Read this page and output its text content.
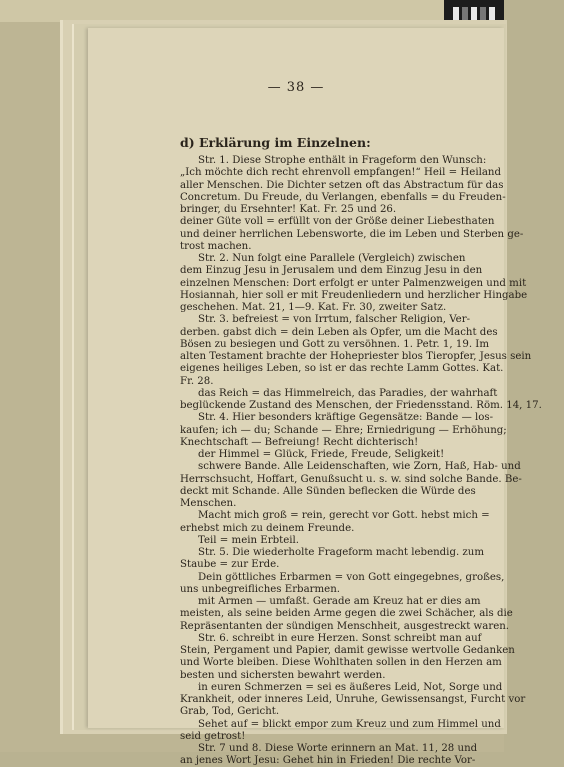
— 38 —
d) Erklärung im Einzelnen:
Str. 1. Diese Strophe enthält in Frageform den Wunsch:
„Ich möchte dich recht ehrenvoll empfangen!“ Heil = Heiland
aller Menschen. Die Dichter setzen oft das Abstractum für das
Concretum. Du Freude, du Verlangen, ebenfalls = du Freuden-
bringer, du Ersehnter! Kat. Fr. 25 und 26.
deiner Güte voll = erfüllt von der Größe deiner Liebesthaten
und deiner herrlichen Lebensworte, die im Leben und Sterben ge-
trost machen.
Str. 2. Nun folgt eine Parallele (Vergleich) zwischen
dem Einzug Jesu in Jerusalem und dem Einzug Jesu in den
einzelnen Menschen: Dort erfolgt er unter Palmenzweigen und mit
Hosiannah, hier soll er mit Freudenliedern und herzlicher Hingabe
geschehen. Mat. 21, 1—9. Kat. Fr. 30, zweiter Satz.
Str. 3. befreiest = von Irrtum, falscher Religion, Ver-
derben. gabst dich = dein Leben als Opfer, um die Macht des
Bösen zu besiegen und Gott zu versöhnen. 1. Petr. 1, 19. Im
alten Testament brachte der Hohepriester blos Tieropfer, Jesus sein
eigenes heiliges Leben, so ist er das rechte Lamm Gottes. Kat.
Fr. 28.
das Reich = das Himmelreich, das Paradies, der wahrhaft
beglückende Zustand des Menschen, der Friedensstand. Röm. 14, 17.
Str. 4. Hier besonders kräftige Gegensätze: Bande — los-
kaufen; ich — du; Schande — Ehre; Erniedrigung — Erhöhung;
Knechtschaft — Befreiung! Recht dichterisch!
der Himmel = Glück, Friede, Freude, Seligkeit!
schwere Bande. Alle Leidenschaften, wie Zorn, Haß, Hab- und
Herrschsucht, Hoffart, Genußsucht u. s. w. sind solche Bande. Be-
deckt mit Schande. Alle Sünden beflecken die Würde des
Menschen.
Macht mich groß = rein, gerecht vor Gott. hebst mich =
erhebst mich zu deinem Freunde.
Teil = mein Erbteil.
Str. 5. Die wiederholte Frageform macht lebendig. zum
Staube = zur Erde.
Dein göttliches Erbarmen = von Gott eingegebnes, großes,
uns unbegreifliches Erbarmen.
mit Armen — umfaßt. Gerade am Kreuz hat er dies am
meisten, als seine beiden Arme gegen die zwei Schächer, als die
Repräsentanten der sündigen Menschheit, ausgestreckt waren.
Str. 6. schreibt in eure Herzen. Sonst schreibt man auf
Stein, Pergament und Papier, damit gewisse wertvolle Gedanken
und Worte bleiben. Diese Wohlthaten sollen in den Herzen am
besten und sichersten bewahrt werden.
in euren Schmerzen = sei es äußeres Leid, Not, Sorge und
Krankheit, oder inneres Leid, Unruhe, Gewissensangst, Furcht vor
Grab, Tod, Gericht.
Sehet auf = blickt empor zum Kreuz und zum Himmel und
seid getrost!
Str. 7 und 8. Diese Worte erinnern an Mat. 11, 28 und
an jenes Wort Jesu: Gehet hin in Frieden! Die rechte Vor-
